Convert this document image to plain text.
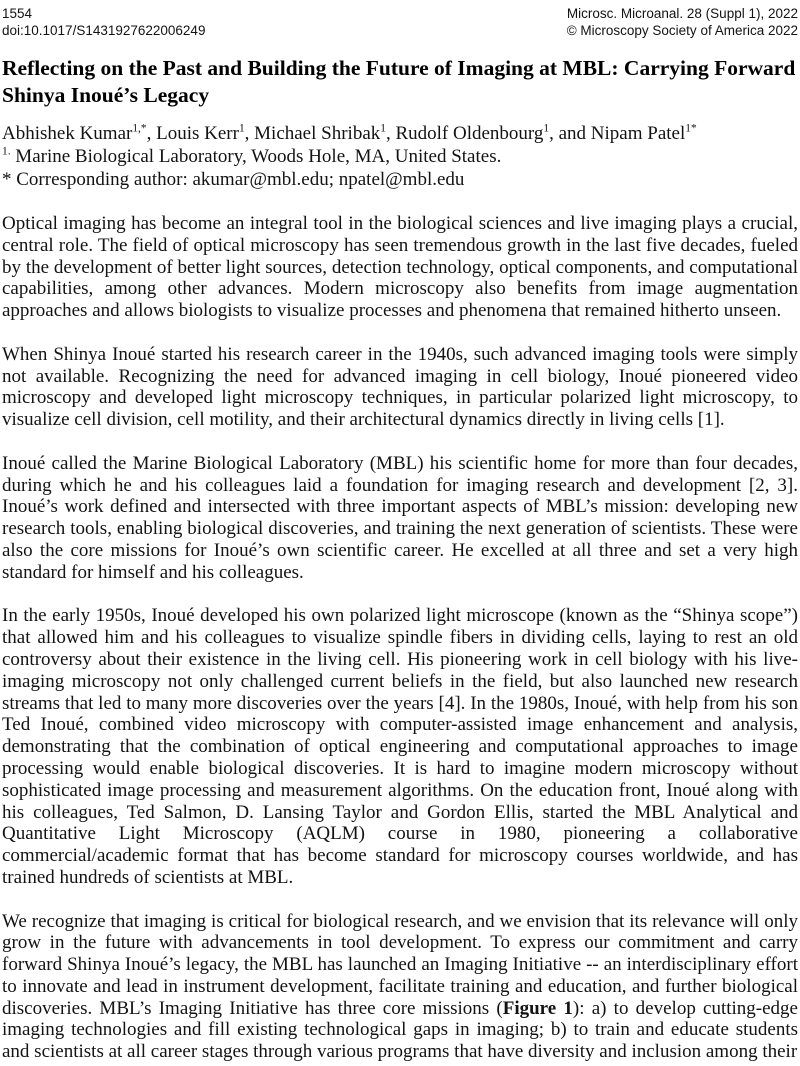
1554
doi:10.1017/S1431927622006249
Microsc. Microanal. 28 (Suppl 1), 2022
© Microscopy Society of America 2022
Reflecting on the Past and Building the Future of Imaging at MBL: Carrying Forward Shinya Inoué’s Legacy

Abhishek Kumar$^{1,*}$, Louis Kerr$^1$, Michael Shribak$^1$, Rudolf Oldenbourg$^1$, and Nipam Patel$^{1*}$

$^{1.}$ Marine Biological Laboratory, Woods Hole, MA, United States.

* Corresponding author: akumar@mbl.edu; npatel@mbl.edu

Optical imaging has become an integral tool in the biological sciences and live imaging plays a crucial, central role. The field of optical microscopy has seen tremendous growth in the last five decades, fueled by the development of better light sources, detection technology, optical components, and computational capabilities, among other advances. Modern microscopy also benefits from image augmentation approaches and allows biologists to visualize processes and phenomena that remained hitherto unseen.

When Shinya Inoué started his research career in the 1940s, such advanced imaging tools were simply not available. Recognizing the need for advanced imaging in cell biology, Inoué pioneered video microscopy and developed light microscopy techniques, in particular polarized light microscopy, to visualize cell division, cell motility, and their architectural dynamics directly in living cells [1].

Inoué called the Marine Biological Laboratory (MBL) his scientific home for more than four decades, during which he and his colleagues laid a foundation for imaging research and development [2, 3]. Inoué’s work defined and intersected with three important aspects of MBL’s mission: developing new research tools, enabling biological discoveries, and training the next generation of scientists. These were also the core missions for Inoué’s own scientific career. He excelled at all three and set a very high standard for himself and his colleagues.

In the early 1950s, Inoué developed his own polarized light microscope (known as the “Shinya scope”) that allowed him and his colleagues to visualize spindle fibers in dividing cells, laying to rest an old controversy about their existence in the living cell. His pioneering work in cell biology with his live-imaging microscopy not only challenged current beliefs in the field, but also launched new research streams that led to many more discoveries over the years [4]. In the 1980s, Inoué, with help from his son Ted Inoué, combined video microscopy with computer-assisted image enhancement and analysis, demonstrating that the combination of optical engineering and computational approaches to image processing would enable biological discoveries. It is hard to imagine modern microscopy without sophisticated image processing and measurement algorithms. On the education front, Inoué along with his colleagues, Ted Salmon, D. Lansing Taylor and Gordon Ellis, started the MBL Analytical and Quantitative Light Microscopy (AQLM) course in 1980, pioneering a collaborative commercial/academic format that has become standard for microscopy courses worldwide, and has trained hundreds of scientists at MBL.

We recognize that imaging is critical for biological research, and we envision that its relevance will only grow in the future with advancements in tool development. To express our commitment and carry forward Shinya Inoué’s legacy, the MBL has launched an Imaging Initiative -- an interdisciplinary effort to innovate and lead in instrument development, facilitate training and education, and further biological discoveries. MBL’s Imaging Initiative has three core missions (Figure 1): a) to develop cutting-edge imaging technologies and fill existing technological gaps in imaging; b) to train and educate students and scientists at all career stages through various programs that have diversity and inclusion among their
